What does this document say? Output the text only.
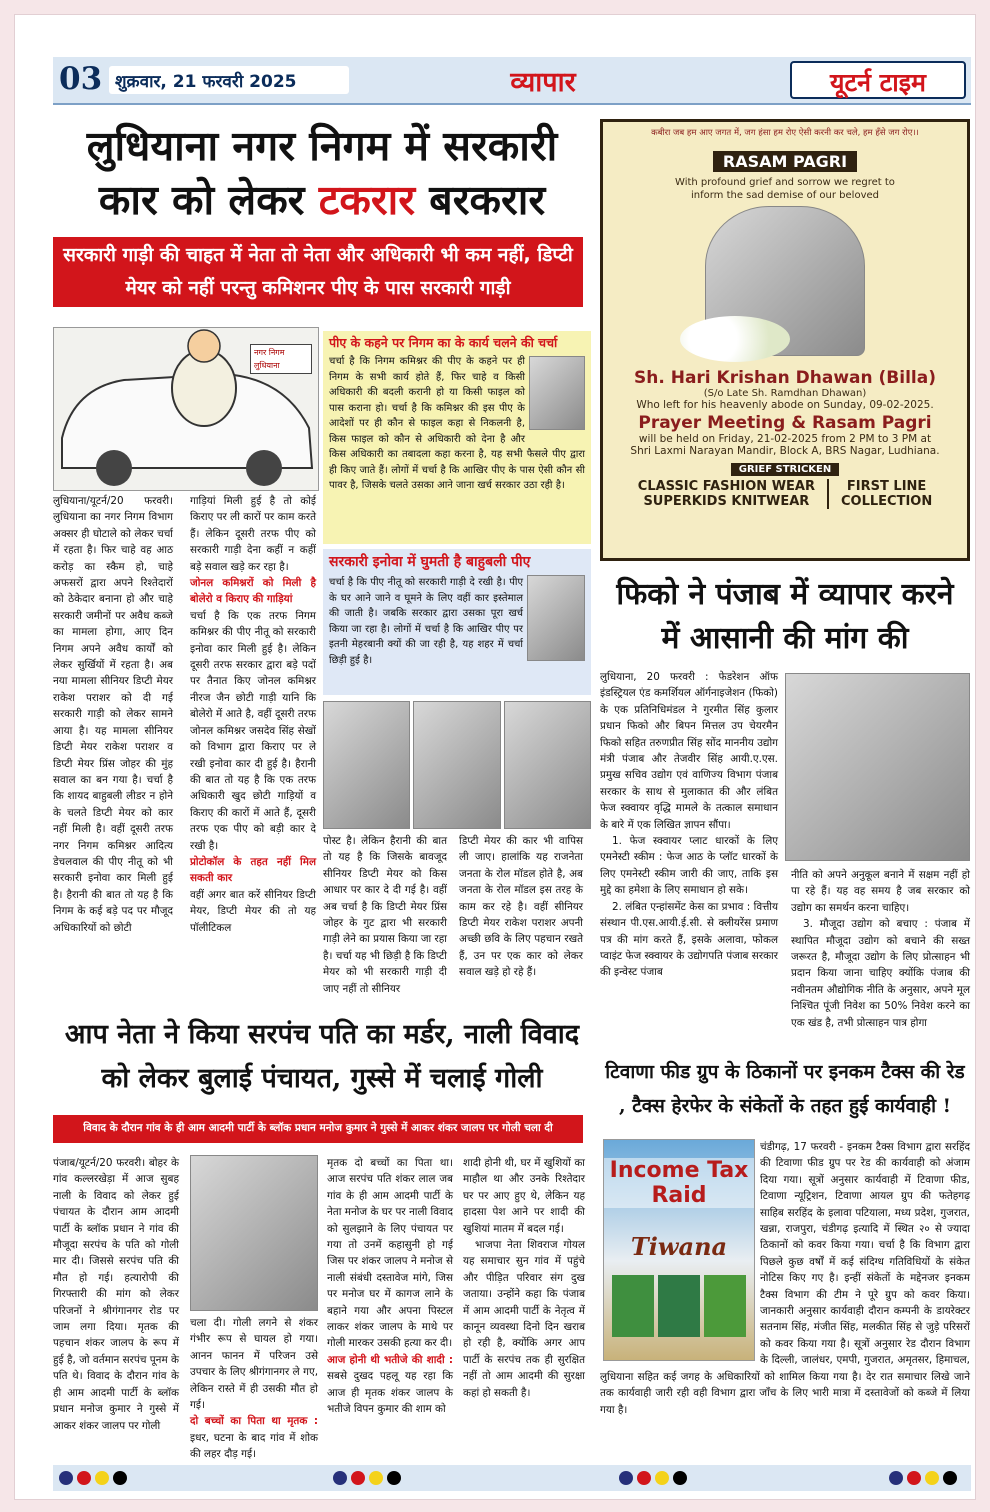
03 शुक्रवार, 21 फरवरी 2025	व्यापार	यूटर्न टाइम
लुधियाना नगर निगम में सरकारी
कार को लेकर टकरार बरकरार
सरकारी गाड़ी की चाहत में नेता तो नेता और अधिकारी भी कम नहीं, डिप्टी मेयर को नहीं परन्तु कमिशनर पीए के पास सरकारी गाड़ी
नगर निगम लुधियाना

लुधियाना/यूटर्न/20 फरवरी। लुधियाना का नगर निगम विभाग अक्सर ही घोटाले को लेकर चर्चा में रहता है। फिर चाहे वह आठ करोड़ का स्कैम हो, चाहे अफसरों द्वारा अपने रिश्तेदारों को ठेकेदार बनाना हो और चाहे सरकारी जमीनों पर अवैध कब्जे का मामला होगा, आए दिन निगम अपने अवैध कार्यों को लेकर सुर्खियों में रहता है। अब नया मामला सीनियर डिप्टी मेयर राकेश पराशर को दी गई सरकारी गाड़ी को लेकर सामने आया है। यह मामला सीनियर डिप्टी मेयर राकेश पराशर व डिप्टी मेयर प्रिंस जोहर की मुंह सवाल का बन गया है। चर्चा है कि शायद बाहुबली लीडर न होने के चलते डिप्टी मेयर को कार नहीं मिली है। वहीं दूसरी तरफ नगर निगम कमिश्नर आदित्य डेचलवाल की पीए नीतू को भी सरकारी इनोवा कार मिली हुई है। हैरानी की बात तो यह है कि निगम के कई बड़े पद पर मौजूद अधिकारियों को छोटी

गाड़ियां मिली हुई है तो कोई किराए पर ली कारों पर काम करते हैं। लेकिन दूसरी तरफ पीए को सरकारी गाड़ी देना कहीं न कहीं बड़े सवाल खड़े कर रहा है।

जोनल कमिश्नरों को मिली है बोलेरो व किराए की गाड़ियां

चर्चा है कि एक तरफ निगम कमिश्नर की पीए नीतू को सरकारी इनोवा कार मिली हुई है। लेकिन दूसरी तरफ सरकार द्वारा बड़े पदों पर तैनात किए जोनल कमिश्नर नीरज जैन छोटी गाड़ी यानि कि बोलेरो में आते है, वहीं दूसरी तरफ जोनल कमिश्नर जसदेव सिंह सेखों को विभाग द्वारा किराए पर ले रखी इनोवा कार दी हुई है। हैरानी की बात तो यह है कि एक तरफ अधिकारी खुद छोटी गाड़ियों व किराए की कारों में आते हैं, दूसरी तरफ एक पीए को बड़ी कार दे रखी है।

प्रोटोकॉल के तहत नहीं मिल सकती कार

वहीं अगर बात करें सीनियर डिप्टी मेयर, डिप्टी मेयर की तो यह पॉलीटिकल

पीए के कहने पर निगम का के कार्य चलने की चर्चा

चर्चा है कि निगम कमिश्नर की पीए के कहने पर ही निगम के सभी कार्य होते हैं, फिर चाहे व किसी अधिकारी की बदली करानी हो या किसी फाइल को पास कराना हो। चर्चा है कि कमिश्नर की इस पीए के आदेशों पर ही कौन से फाइल कहा से निकलनी है, किस फाइल को कौन से अधिकारी को देना है और किस अधिकारी का तबादला कहा करना है, यह सभी फैसले पीए द्वारा ही किए जाते हैं। लोगों में चर्चा है कि आखिर पीए के पास ऐसी कौन सी पावर है, जिसके चलते उसका आने जाना खर्च सरकार उठा रही है।

सरकारी इनोवा में घुमती है बाहुबली पीए

चर्चा है कि पीए नीतू को सरकारी गाड़ी दे रखी है। पीए के घर आने जाने व घूमने के लिए वहीं कार इस्तेमाल की जाती है। जबकि सरकार द्वारा उसका पूरा खर्च किया जा रहा है। लोगों में चर्चा है कि आखिर पीए पर इतनी मेहरबानी क्यों की जा रही है, यह शहर में चर्चा छिड़ी हुई है।

पोस्ट है। लेकिन हैरानी की बात तो यह है कि जिसके बावजूद सीनियर डिप्टी मेयर को किस आधार पर कार दे दी गई है। वहीं अब चर्चा है कि डिप्टी मेयर प्रिंस जोहर के गुट द्वारा भी सरकारी गाड़ी लेने का प्रयास किया जा रहा है। चर्चा यह भी छिड़ी है कि डिप्टी मेयर को भी सरकारी गाड़ी दी जाए नहीं तो सीनियर

डिप्टी मेयर की कार भी वापिस ली जाए। हालांकि यह राजनेता जनता के रोल मॉडल होते है, अब जनता के रोल मॉडल इस तरह के काम कर रहे है। वहीं सीनियर डिप्टी मेयर राकेश पराशर अपनी अच्छी छवि के लिए पहचान रखते हैं, उन पर एक कार को लेकर सवाल खड़े हो रहे हैं।

कबीरा जब हम आए जगत में, जग हंसा हम रोए ऐसी करनी कर चले, हम हँसे जग रोए।।
RASAM PAGRI
With profound grief and sorrow we regret to inform the sad demise of our beloved
Sh. Hari Krishan Dhawan (Billa)
(S/o Late Sh. Ramdhan Dhawan)
Who left for his heavenly abode on Sunday, 09-02-2025.
Prayer Meeting & Rasam Pagri
will be held on Friday, 21-02-2025 from 2 PM to 3 PM at
Shri Laxmi Narayan Mandir, Block A, BRS Nagar, Ludhiana.
GRIEF STRICKEN
CLASSIC FASHION WEAR
SUPERKIDS KNITWEAR
FIRST LINE
COLLECTION
फिको ने पंजाब में व्यापार करने
में आसानी की मांग की

लुधियाना, 20 फरवरी : फेडरेशन ऑफ इंडस्ट्रियल एंड कमर्शियल ऑर्गनाइजेशन (फिको) के एक प्रतिनिधिमंडल ने गुरमीत सिंह कुलार प्रधान फिको और बिपन मित्तल उप चेयरमैन फिको सहित तरुणप्रीत सिंह सोंद माननीय उद्योग मंत्री पंजाब और तेजवीर सिंह आयी.ए.एस. प्रमुख सचिव उद्योग एवं वाणिज्य विभाग पंजाब सरकार के साथ से मुलाकात की और लंबित फेज स्क्वायर वृद्धि मामले के तत्काल समाधान के बारे में एक लिखित ज्ञापन सौंपा।

1. फेज स्क्वायर प्लाट धारकों के लिए एमनेस्टी स्कीम : फेज आठ के प्लॉट धारकों के लिए एमनेस्टी स्कीम जारी की जाए, ताकि इस मुद्दे का हमेशा के लिए समाधान हो सके।

2. लंबित एन्हांसमेंट केस का प्रभाव : वित्तीय संस्थान पी.एस.आयी.ई.सी. से क्लीयरेंस प्रमाण पत्र की मांग करते हैं, इसके अलावा, फोकल प्वाइंट फेज स्क्वायर के उद्योगपति पंजाब सरकार की इन्वेस्ट पंजाब

नीति को अपने अनुकूल बनाने में सक्षम नहीं हो पा रहे हैं। यह वह समय है जब सरकार को उद्योग का समर्थन करना चाहिए।

3. मौजूदा उद्योग को बचाए : पंजाब में स्थापित मौजूदा उद्योग को बचाने की सख्त जरूरत है, मौजूदा उद्योग के लिए प्रोत्साहन भी प्रदान किया जाना चाहिए क्योंकि पंजाब की नवीनतम औद्योगिक नीति के अनुसार, अपने मूल निश्चित पूंजी निवेश का 50% निवेश करने का एक खंड है, तभी प्रोत्साहन पात्र होगा

आप नेता ने किया सरपंच पति का मर्डर, नाली विवाद
को लेकर बुलाई पंचायत, गुस्से में चलाई गोली
विवाद के दौरान गांव के ही आम आदमी पार्टी के ब्लॉक प्रधान मनोज कुमार ने गुस्से में आकर शंकर जालप पर गोली चला दी

पंजाब/यूटर्न/20 फरवरी। बोहर के गांव कल्लरखेड़ा में आज सुबह नाली के विवाद को लेकर हुई पंचायत के दौरान आम आदमी पार्टी के ब्लॉक प्रधान ने गांव की मौजूदा सरपंच के पति को गोली मार दी। जिससे सरपंच पति की मौत हो गई। हत्यारोपी की गिरफ्तारी की मांग को लेकर परिजनों ने श्रीगंगानगर रोड पर जाम लगा दिया। मृतक की पहचान शंकर जालप के रूप में हुई है, जो वर्तमान सरपंच पूनम के पति थे। विवाद के दौरान गांव के ही आम आदमी पार्टी के ब्लॉक प्रधान मनोज कुमार ने गुस्से में आकर शंकर जालप पर गोली

चला दी। गोली लगने से शंकर गंभीर रूप से घायल हो गया। आनन फानन में परिजन उसे उपचार के लिए श्रीगंगानगर ले गए, लेकिन रास्ते में ही उसकी मौत हो गई।

दो बच्चों का पिता था मृतक : इधर, घटना के बाद गांव में शोक की लहर दौड़ गई।

मृतक दो बच्चों का पिता था। आज सरपंच पति शंकर लाल जब गांव के ही आम आदमी पार्टी के नेता मनोज के घर पर नाली विवाद को सुलझाने के लिए पंचायत पर गया तो उनमें कहासुनी हो गई जिस पर शंकर जालप ने मनोज से नाली संबंधी दस्तावेज मांगे, जिस पर मनोज घर में कागज लाने के बहाने गया और अपना पिस्टल लाकर शंकर जालप के माथे पर गोली मारकर उसकी हत्या कर दी।

आज होनी थी भतीजे की शादी : सबसे दुखद पहलू यह रहा कि आज ही मृतक शंकर जालप के भतीजे विपन कुमार की शाम को

शादी होनी थी, घर में खुशियों का माहौल था और उनके रिश्तेदार घर पर आए हुए थे, लेकिन यह हादसा पेश आने पर शादी की खुशियां मातम में बदल गई।

भाजपा नेता शिवराज गोयल यह समाचार सुन गांव में पहुंचे और पीड़ित परिवार संग दुख जताया। उन्होंने कहा कि पंजाब में आम आदमी पार्टी के नेतृत्व में कानून व्यवस्था दिनो दिन खराब हो रही है, क्योंकि अगर आप पार्टी के सरपंच तक ही सुरक्षित नहीं तो आम आदमी की सुरक्षा कहां हो सकती है।

टिवाणा फीड ग्रुप के ठिकानों पर इनकम टैक्स की रेड , टैक्स हेरफेर के संकेतों के तहत हुई कार्यवाही !
Income Tax
Raid
Tiwana

चंडीगढ़, 17 फरवरी - इनकम टैक्स विभाग द्वारा सरहिंद की टिवाणा फीड ग्रुप पर रेड की कार्यवाही को अंजाम दिया गया। सूत्रों अनुसार कार्यवाही में टिवाणा फीड, टिवाणा न्यूट्रिशन, टिवाणा आयल ग्रुप की फतेहगढ़ साहिब सरहिंद के इलावा पटियाला, मध्य प्रदेश, गुजरात, खन्ना, राजपुरा, चंडीगढ़ इत्यादि में स्थित २० से ज्यादा ठिकानों को कवर किया गया। चर्चा है कि विभाग द्वारा पिछले कुछ वर्षों में कई संदिग्ध गतिविधियों के संकेत नोटिस किए गए है। इन्हीं संकेतों के मद्देनजर इनकम टैक्स विभाग की टीम ने पूरे ग्रुप को कवर किया। जानकारी अनुसार कार्यवाही दौरान कम्पनी के डायरेक्टर सतनाम सिंह, मंजीत सिंह, मलकीत सिंह से जुड़े परिसरों को कवर किया गया है। सूत्रों अनुसार रेड दौरान विभाग के दिल्ली, जालंधर, एमपी, गुजरात, अमृतसर, हिमाचल, लुधियाना सहित कई जगह के अधिकारियों को शामिल किया गया है। देर रात समाचार लिखे जाने तक कार्यवाही जारी रही वही विभाग द्वारा जाँच के लिए भारी मात्रा में दस्तावेजों को कब्जे में लिया गया है।
